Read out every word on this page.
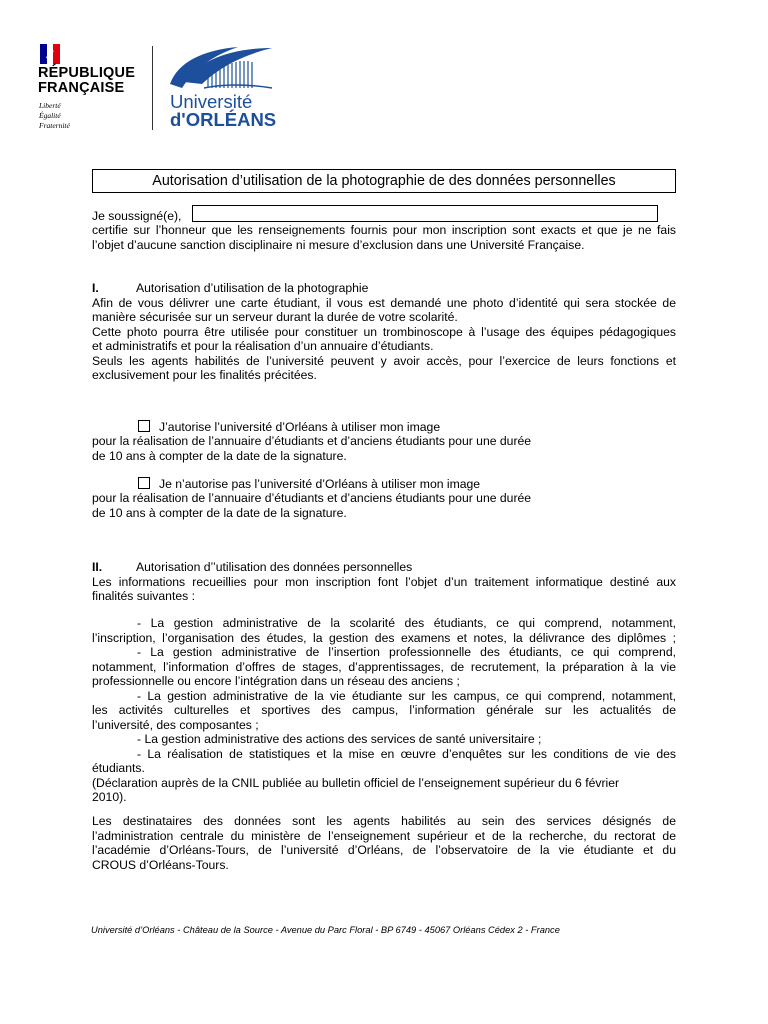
RÉPUBLIQUE
FRANÇAISE
Liberté
Égalité
Fraternité
Université
d'ORLÉANS
Autorisation d’utilisation de la photographie de des données personnelles
Je soussigné(e),
certifie sur l’honneur que les renseignements fournis pour mon inscription sont exacts et que je ne fais
l’objet d’aucune sanction disciplinaire ni mesure d’exclusion dans une Université Française.
I.	Autorisation d’utilisation de la photographie
Afin de vous délivrer une carte étudiant, il vous est demandé une photo d’identité qui sera stockée de
manière sécurisée sur un serveur durant la durée de votre scolarité.
Cette photo pourra être utilisée pour constituer un trombinoscope à l’usage des équipes pédagogiques
et administratifs et pour la réalisation d’un annuaire d’étudiants.
Seuls les agents habilités de l’université peuvent y avoir accès, pour l’exercice de leurs fonctions et
exclusivement pour les finalités précitées.
J’autorise l’université d’Orléans à utiliser mon image
pour la réalisation de l’annuaire d’étudiants et d’anciens étudiants pour une durée
de 10 ans à compter de la date de la signature.
Je n’autorise pas l’université d’Orléans à utiliser mon image
pour la réalisation de l’annuaire d’étudiants et d’anciens étudiants pour une durée
de 10 ans à compter de la date de la signature.
II.	Autorisation d’’utilisation des données personnelles
Les informations recueillies pour mon inscription font l’objet d’un traitement informatique destiné aux
finalités suivantes :
- La gestion administrative de la scolarité des étudiants, ce qui comprend, notamment,
l’inscription, l’organisation des études, la gestion des examens et notes, la délivrance des diplômes ;
- La gestion administrative de l’insertion professionnelle des étudiants, ce qui comprend,
notamment, l’information d’offres de stages, d’apprentissages, de recrutement, la préparation à la vie
professionnelle ou encore l’intégration dans un réseau des anciens ;
- La gestion administrative de la vie étudiante sur les campus, ce qui comprend, notamment,
les activités culturelles et sportives des campus, l’information générale sur les actualités de
l’université, des composantes ;
- La gestion administrative des actions des services de santé universitaire ;
- La réalisation de statistiques et la mise en œuvre d’enquêtes sur les conditions de vie des
étudiants.
(Déclaration auprès de la CNIL publiée au bulletin officiel de l’enseignement supérieur du 6 février
2010).
Les destinataires des données sont les agents habilités au sein des services désignés de
l’administration centrale du ministère de l’enseignement supérieur et de la recherche, du rectorat de
l’académie d’Orléans-Tours, de l’université d’Orléans, de l’observatoire de la vie étudiante et du
CROUS d’Orléans-Tours.
Université d’Orléans - Château de la Source - Avenue du Parc Floral - BP 6749 - 45067 Orléans Cédex 2 - France
